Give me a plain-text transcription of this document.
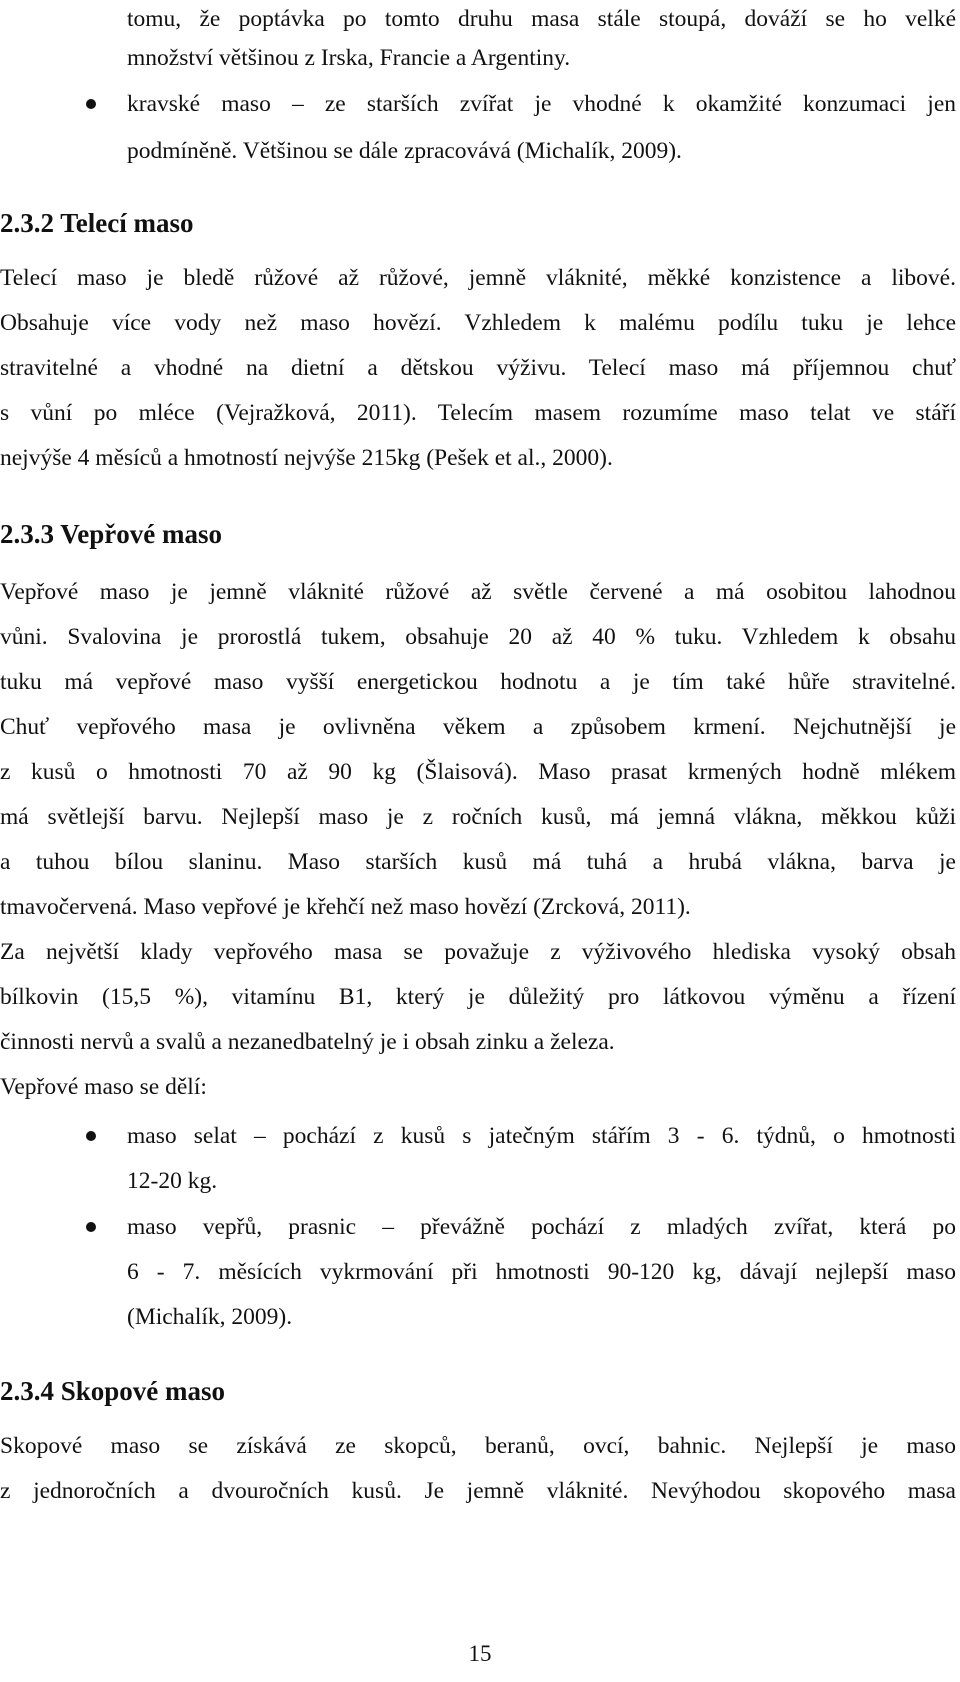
tomu, že poptávka po tomto druhu masa stále stoupá, dováží se ho velké
množství většinou z Irska, Francie a Argentiny.
kravské maso – ze starších zvířat je vhodné k okamžité konzumaci jen
podmíněně. Většinou se dále zpracovává (Michalík, 2009).
2.3.2 Telecí maso
Telecí maso je bledě růžové až růžové, jemně vláknité, měkké konzistence a libové.
Obsahuje více vody než maso hovězí. Vzhledem k malému podílu tuku je lehce
stravitelné a vhodné na dietní a dětskou výživu. Telecí maso má příjemnou chuť
s vůní po mléce (Vejražková, 2011). Telecím masem rozumíme maso telat ve stáří
nejvýše 4 měsíců a hmotností nejvýše 215kg (Pešek et al., 2000).
2.3.3 Vepřové maso
Vepřové maso je jemně vláknité růžové až světle červené a má osobitou lahodnou
vůni. Svalovina je prorostlá tukem, obsahuje 20 až 40 % tuku. Vzhledem k obsahu
tuku má vepřové maso vyšší energetickou hodnotu a je tím také hůře stravitelné.
Chuť vepřového masa je ovlivněna věkem a způsobem krmení. Nejchutnější je
z kusů o hmotnosti 70 až 90 kg (Šlaisová). Maso prasat krmených hodně mlékem
má světlejší barvu. Nejlepší maso je z ročních kusů, má jemná vlákna, měkkou kůži
a tuhou bílou slaninu. Maso starších kusů má tuhá a hrubá vlákna, barva je
tmavočervená. Maso vepřové je křehčí než maso hovězí (Zrcková, 2011).
Za největší klady vepřového masa se považuje z výživového hlediska vysoký obsah
bílkovin (15,5 %), vitamínu B1, který je důležitý pro látkovou výměnu a řízení
činnosti nervů a svalů a nezanedbatelný je i obsah zinku a železa.
Vepřové maso se dělí:
maso selat – pochází z kusů s jatečným stářím 3 - 6. týdnů, o hmotnosti
12-20 kg.
maso vepřů, prasnic – převážně pochází z mladých zvířat, která po
6 - 7. měsících vykrmování při hmotnosti 90-120 kg, dávají nejlepší maso
(Michalík, 2009).
2.3.4 Skopové maso
Skopové maso se získává ze skopců, beranů, ovcí, bahnic. Nejlepší je maso
z jednoročních a dvouročních kusů. Je jemně vláknité. Nevýhodou skopového masa
15
